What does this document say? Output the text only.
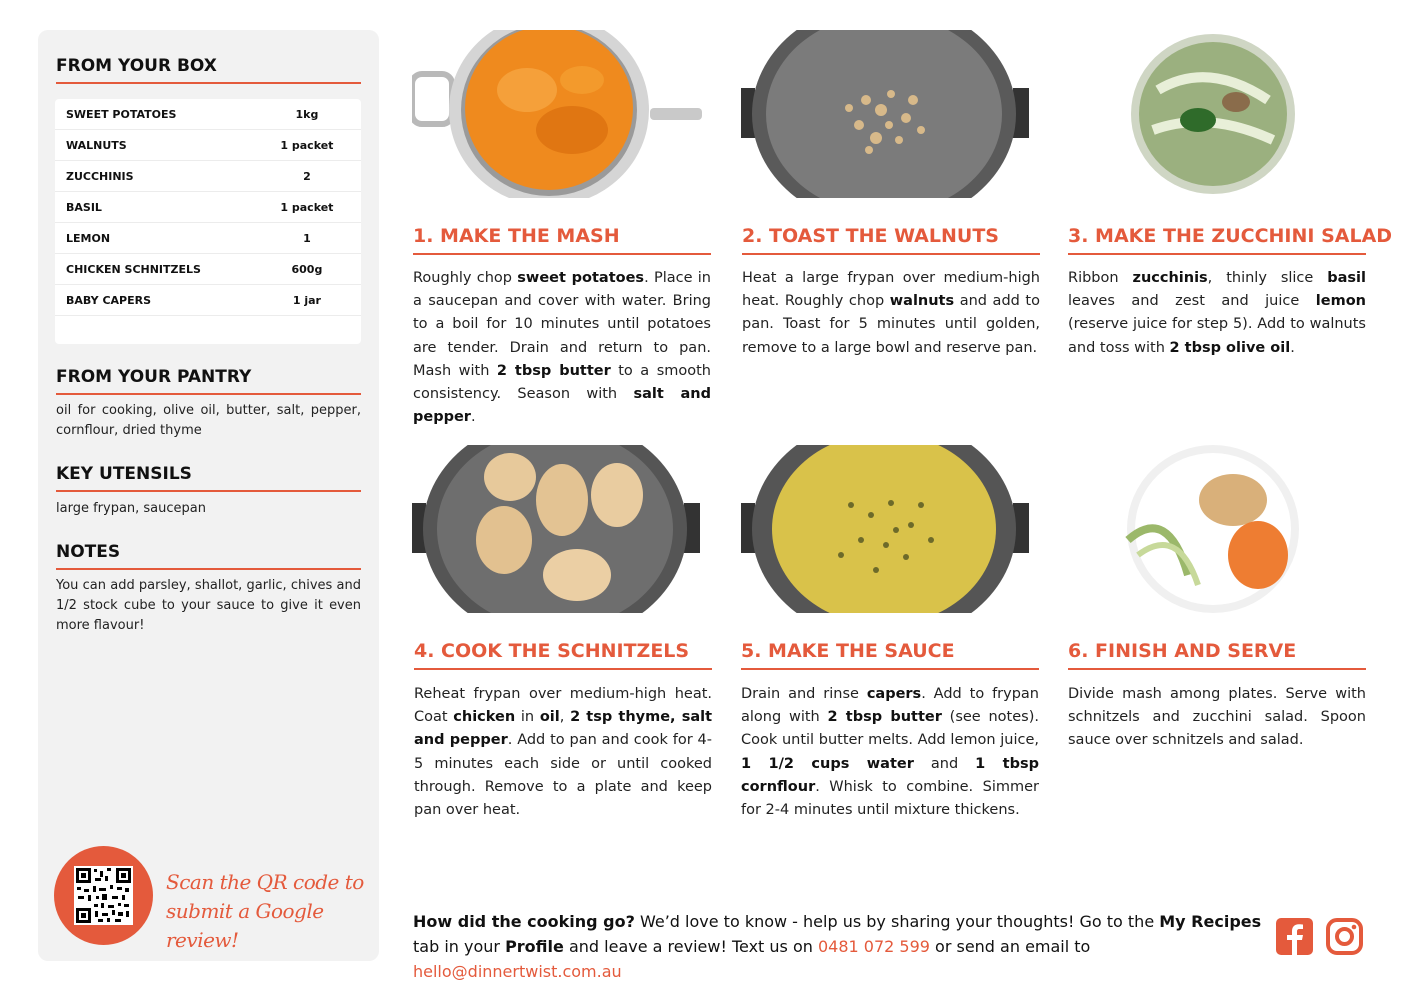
FROM YOUR BOX
SWEET POTATOES	1kg
WALNUTS	1 packet
ZUCCHINIS	2
BASIL	1 packet
LEMON	1
CHICKEN SCHNITZELS	600g
BABY CAPERS	1 jar
FROM YOUR PANTRY
oil for cooking, olive oil, butter, salt, pepper, cornflour, dried thyme
KEY UTENSILS
large frypan, saucepan
NOTES
You can add parsley, shallot, garlic, chives and 1/2 stock cube to your sauce to give it even more flavour!
Scan the QR code to
submit a Google review!
1. MAKE THE MASH	2. TOAST THE WALNUTS	3. MAKE THE ZUCCHINI SALAD
4. COOK THE SCHNITZELS	5. MAKE THE SAUCE	6. FINISH AND SERVE
Roughly chop sweet potatoes. Place in a saucepan and cover with water. Bring to a boil for 10 minutes until potatoes are tender. Drain and return to pan. Mash with 2 tbsp butter to a smooth consistency. Season with salt and pepper.
Heat a large frypan over medium-high heat. Roughly chop walnuts and add to pan. Toast for 5 minutes until golden, remove to a large bowl and reserve pan.
Ribbon zucchinis, thinly slice basil leaves and zest and juice lemon (reserve juice for step 5). Add to walnuts and toss with 2 tbsp olive oil.
Reheat frypan over medium-high heat. Coat chicken in oil, 2 tsp thyme, salt and pepper. Add to pan and cook for 4-5 minutes each side or until cooked through. Remove to a plate and keep pan over heat.
Drain and rinse capers. Add to frypan along with 2 tbsp butter (see notes). Cook until butter melts. Add lemon juice, 1 1/2 cups water and 1 tbsp cornflour. Whisk to combine. Simmer for 2-4 minutes until mixture thickens.
Divide mash among plates. Serve with schnitzels and zucchini salad. Spoon sauce over schnitzels and salad.
How did the cooking go? We’d love to know - help us by sharing your thoughts! Go to the My Recipes tab in your Profile and leave a review! Text us on 0481 072 599 or send an email to hello@dinnertwist.com.au
